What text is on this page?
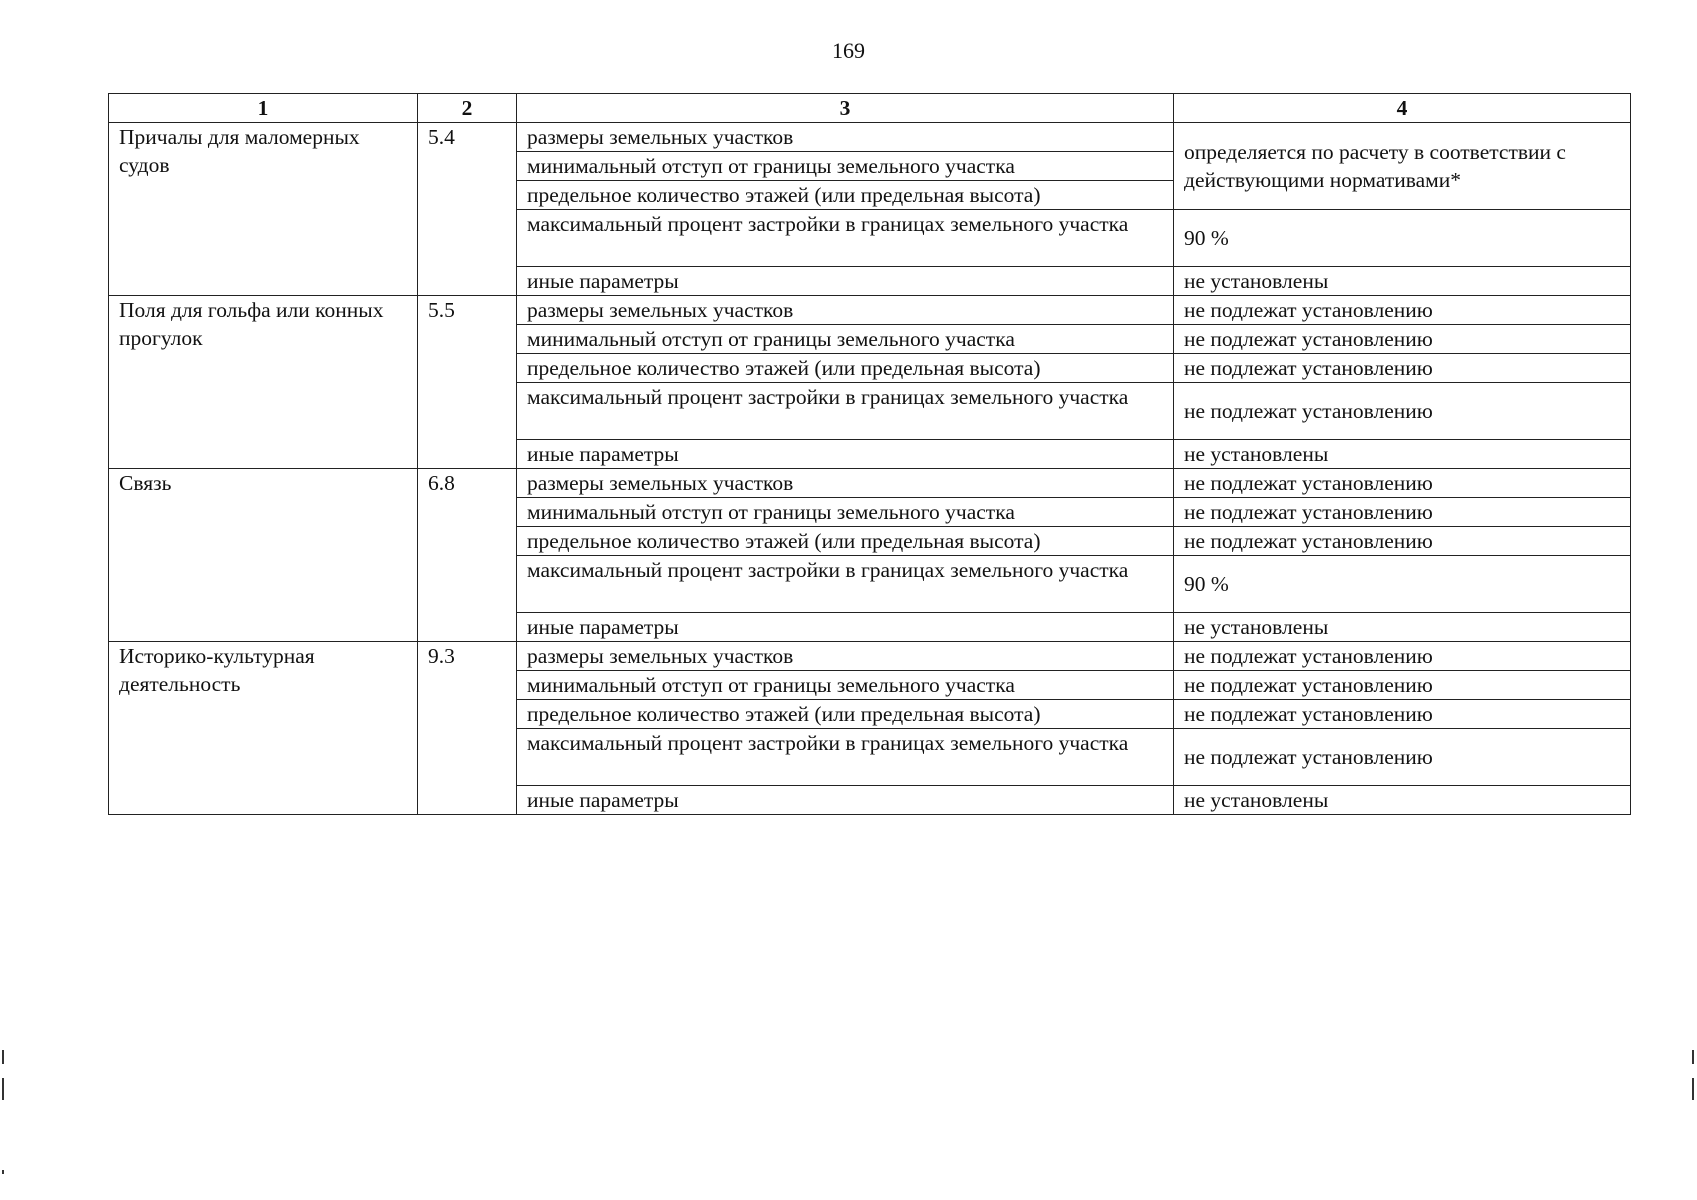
169
1	2	3	4
Причалы для маломерных судов	5.4	размеры земельных участков	определяется по расчету в соответствии с действующими нормативами*
		минимальный отступ от границы земельного участка	
		предельное количество этажей (или предельная высота)	
		максимальный процент застройки в границах земельного участка	90 %
		иные параметры	не установлены
Поля для гольфа или конных прогулок	5.5	размеры земельных участков	не подлежат установлению
		минимальный отступ от границы земельного участка	не подлежат установлению
		предельное количество этажей (или предельная высота)	не подлежат установлению
		максимальный процент застройки в границах земельного участка	не подлежат установлению
		иные параметры	не установлены
Связь	6.8	размеры земельных участков	не подлежат установлению
		минимальный отступ от границы земельного участка	не подлежат установлению
		предельное количество этажей (или предельная высота)	не подлежат установлению
		максимальный процент застройки в границах земельного участка	90 %
		иные параметры	не установлены
Историко-культурная деятельность	9.3	размеры земельных участков	не подлежат установлению
		минимальный отступ от границы земельного участка	не подлежат установлению
		предельное количество этажей (или предельная высота)	не подлежат установлению
		максимальный процент застройки в границах земельного участка	не подлежат установлению
		иные параметры	не установлены
